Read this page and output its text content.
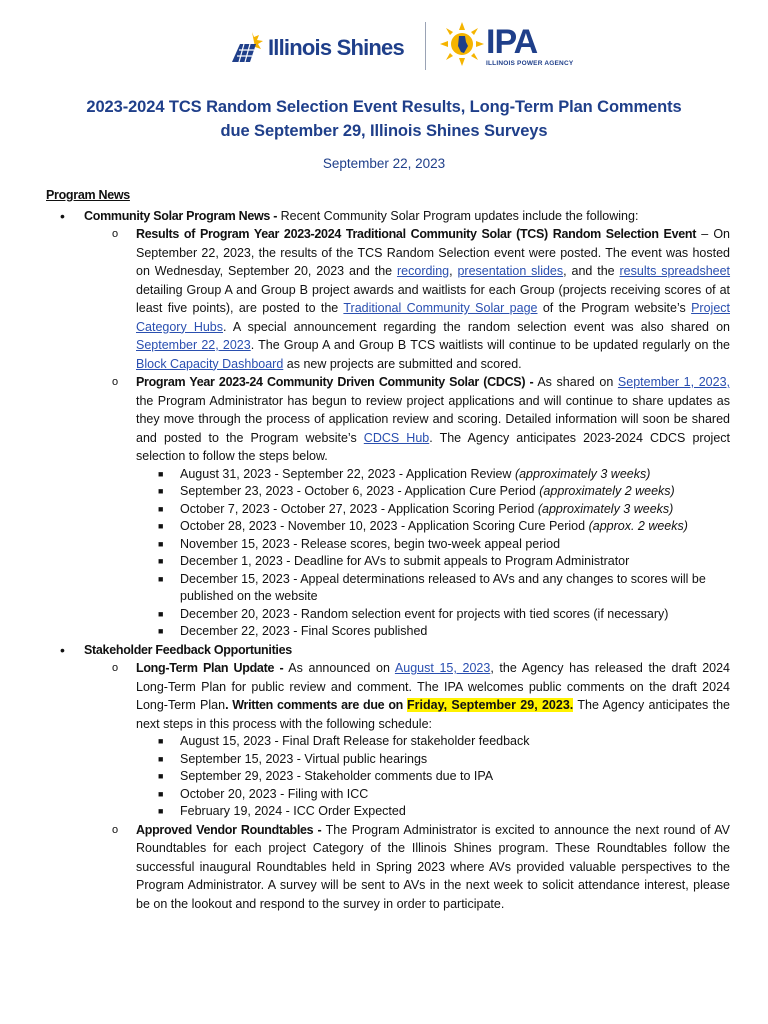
Illinois Shines IPA
ILLINOIS POWER AGENCY
2023-2024 TCS Random Selection Event Results, Long-Term Plan Comments
due September 29, Illinois Shines Surveys
September 22, 2023
Program News
• Community Solar Program News - Recent Community Solar Program updates include the following:
o Results of Program Year 2023-2024 Traditional Community Solar (TCS) Random Selection Event – On September 22, 2023, the results of the TCS Random Selection event were posted. The event was hosted on Wednesday, September 20, 2023 and the recording, presentation slides, and the results spreadsheet detailing Group A and Group B project awards and waitlists for each Group (projects receiving scores of at least five points), are posted to the Traditional Community Solar page of the Program website’s Project Category Hubs. A special announcement regarding the random selection event was also shared on September 22, 2023. The Group A and Group B TCS waitlists will continue to be updated regularly on the Block Capacity Dashboard as new projects are submitted and scored.
o Program Year 2023-24 Community Driven Community Solar (CDCS) - As shared on September 1, 2023, the Program Administrator has begun to review project applications and will continue to share updates as they move through the process of application review and scoring. Detailed information will soon be shared and posted to the Program website’s CDCS Hub. The Agency anticipates 2023-2024 CDCS project selection to follow the steps below.
■ August 31, 2023 - September 22, 2023 - Application Review (approximately 3 weeks)
■ September 23, 2023 - October 6, 2023 - Application Cure Period (approximately 2 weeks)
■ October 7, 2023 - October 27, 2023 - Application Scoring Period (approximately 3 weeks)
■ October 28, 2023 - November 10, 2023 - Application Scoring Cure Period (approx. 2 weeks)
■ November 15, 2023 - Release scores, begin two-week appeal period
■ December 1, 2023 - Deadline for AVs to submit appeals to Program Administrator
■ December 15, 2023 - Appeal determinations released to AVs and any changes to scores will be published on the website
■ December 20, 2023 - Random selection event for projects with tied scores (if necessary)
■ December 22, 2023 - Final Scores published
• Stakeholder Feedback Opportunities
o Long-Term Plan Update - As announced on August 15, 2023, the Agency has released the draft 2024 Long-Term Plan for public review and comment. The IPA welcomes public comments on the draft 2024 Long-Term Plan. Written comments are due on Friday, September 29, 2023. The Agency anticipates the next steps in this process with the following schedule:
■ August 15, 2023 - Final Draft Release for stakeholder feedback
■ September 15, 2023 - Virtual public hearings
■ September 29, 2023 - Stakeholder comments due to IPA
■ October 20, 2023 - Filing with ICC
■ February 19, 2024 - ICC Order Expected
o Approved Vendor Roundtables - The Program Administrator is excited to announce the next round of AV Roundtables for each project Category of the Illinois Shines program. These Roundtables follow the successful inaugural Roundtables held in Spring 2023 where AVs provided valuable perspectives to the Program Administrator. A survey will be sent to AVs in the next week to solicit attendance interest, please be on the lookout and respond to the survey in order to participate.
